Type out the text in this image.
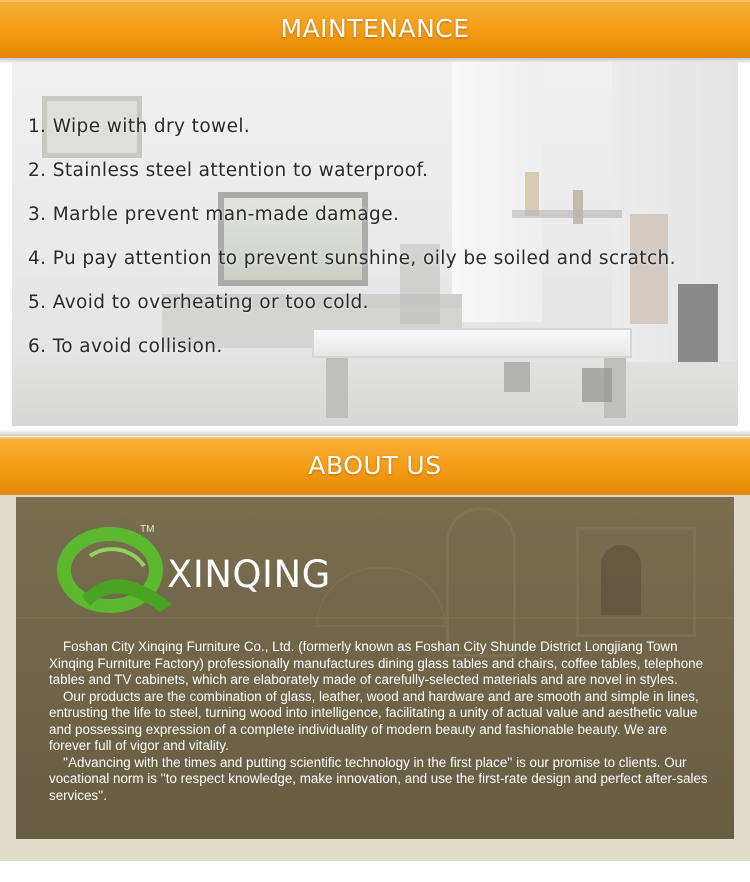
MAINTENANCE
1. Wipe with dry towel.
2. Stainless steel attention to waterproof.
3. Marble prevent man-made damage.
4. Pu pay attention to prevent sunshine, oily be soiled and scratch.
5. Avoid to overheating or too cold.
6. To avoid collision.
ABOUT US
TM
XINQING

Foshan City Xinqing Furniture Co., Ltd. (formerly known as Foshan City Shunde District Longjiang Town Xinqing Furniture Factory) professionally manufactures dining glass tables and chairs, coffee tables, telephone tables and TV cabinets, which are elaborately made of carefully-selected materials and are novel in styles.

Our products are the combination of glass, leather, wood and hardware and are smooth and simple in lines, entrusting the life to steel, turning wood into intelligence, facilitating a unity of actual value and aesthetic value and possessing expression of a complete individuality of modern beauty and fashionable beauty. We are forever full of vigor and vitality.

''Advancing with the times and putting scientific technology in the first place'' is our promise to clients. Our vocational norm is ''to respect knowledge, make innovation, and use the first-rate design and perfect after-sales services''.
